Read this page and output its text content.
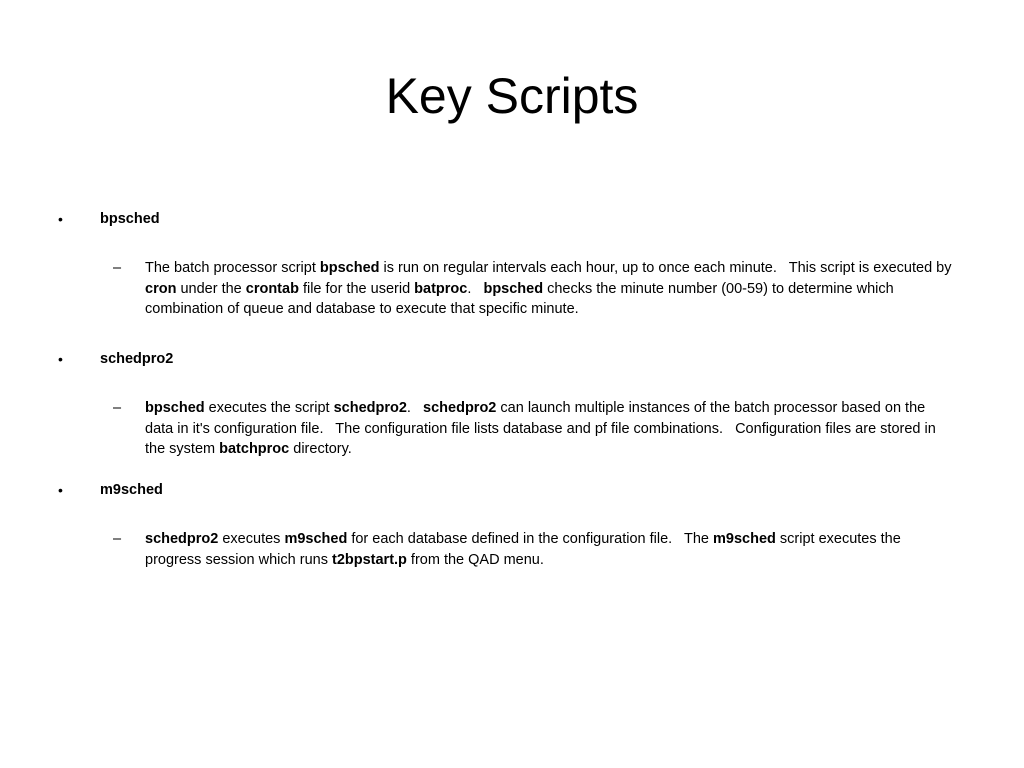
Key Scripts
•	bpsched
– The batch processor script bpsched is run on regular intervals each hour, up to once each minute.   This script is executed by cron under the crontab file for the userid batproc.   bpsched checks the minute number (00-59) to determine which combination of queue and database to execute that specific minute.
•	schedpro2
– bpsched executes the script schedpro2.   schedpro2 can launch multiple instances of the batch processor based on the data in it's configuration file.   The configuration file lists database and pf file combinations.   Configuration files are stored in the system batchproc directory.
•	m9sched
– schedpro2 executes m9sched for each database defined in the configuration file.   The m9sched script executes the progress session which runs t2bpstart.p from the QAD menu.
